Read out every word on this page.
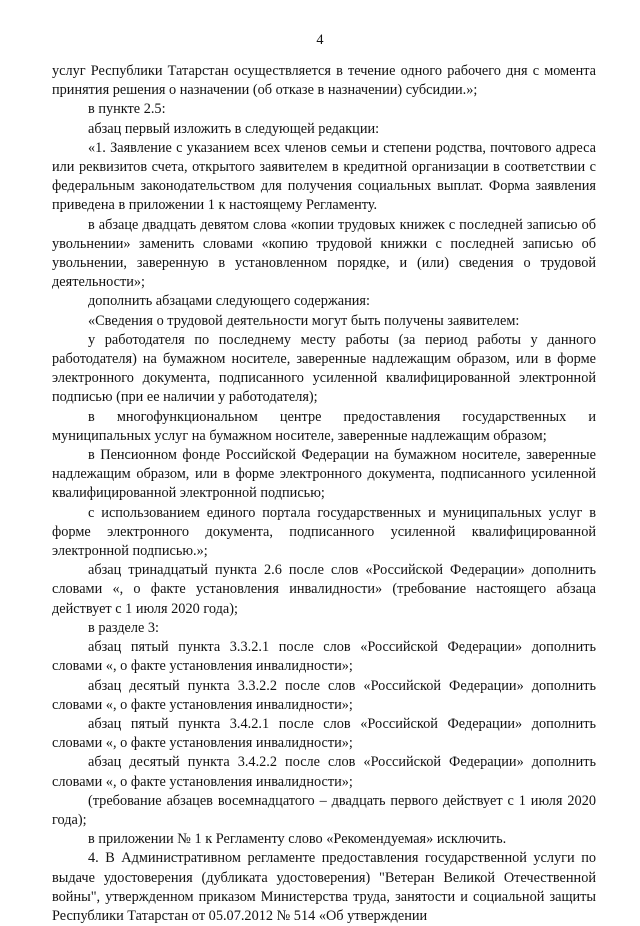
4

услуг Республики Татарстан осуществляется в течение одного рабочего дня с момента принятия решения о назначении (об отказе в назначении) субсидии.»;

в пункте 2.5:

абзац первый изложить в следующей редакции:

«1. Заявление с указанием всех членов семьи и степени родства, почтового адреса или реквизитов счета, открытого заявителем в кредитной организации в соответствии с федеральным законодательством для получения социальных выплат. Форма заявления приведена в приложении 1 к настоящему Регламенту.

в абзаце двадцать девятом слова «копии трудовых книжек с последней записью об увольнении» заменить словами «копию трудовой книжки с последней записью об увольнении, заверенную в установленном порядке, и (или) сведения о трудовой деятельности»;

дополнить абзацами следующего содержания:

«Сведения о трудовой деятельности могут быть получены заявителем:

у работодателя по последнему месту работы (за период работы у данного работодателя) на бумажном носителе, заверенные надлежащим образом, или в форме электронного документа, подписанного усиленной квалифицированной электронной подписью (при ее наличии у работодателя);

в многофункциональном центре предоставления государственных и муниципальных услуг на бумажном носителе, заверенные надлежащим образом;

в Пенсионном фонде Российской Федерации на бумажном носителе, заверенные надлежащим образом, или в форме электронного документа, подписанного усиленной квалифицированной электронной подписью;

с использованием единого портала государственных и муниципальных услуг в форме электронного документа, подписанного усиленной квалифицированной электронной подписью.»;

абзац тринадцатый пункта 2.6 после слов «Российской Федерации» дополнить словами «, о факте установления инвалидности» (требование настоящего абзаца действует с 1 июля 2020 года);

в разделе 3:

абзац пятый пункта 3.3.2.1 после слов «Российской Федерации» дополнить словами «, о факте установления инвалидности»;

абзац десятый пункта 3.3.2.2 после слов «Российской Федерации» дополнить словами «, о факте установления инвалидности»;

абзац пятый пункта 3.4.2.1 после слов «Российской Федерации» дополнить словами «, о факте установления инвалидности»;

абзац десятый пункта 3.4.2.2 после слов «Российской Федерации» дополнить словами «, о факте установления инвалидности»;

(требование абзацев восемнадцатого – двадцать первого действует с 1 июля 2020 года);

в приложении № 1 к Регламенту слово «Рекомендуемая» исключить.

4. В Административном регламенте предоставления государственной услуги по выдаче удостоверения (дубликата удостоверения) "Ветеран Великой Отечественной войны", утвержденном приказом Министерства труда, занятости и социальной защиты Республики Татарстан от 05.07.2012 № 514 «Об утверждении
